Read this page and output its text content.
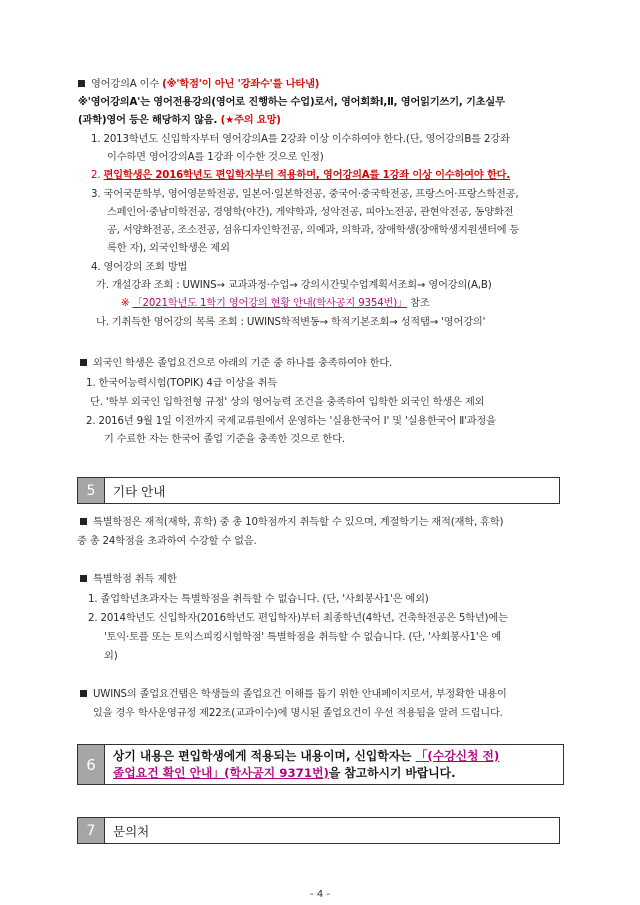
영어강의A 이수 (※'학점'이 아닌 '강좌수'를 나타냄)
※'영어강의A'는 영어전용강의(영어로 진행하는 수업)로서, 영어회화Ⅰ,Ⅱ, 영어읽기쓰기, 기초실무
(과학)영어 등은 해당하지 않음. (★주의 요망)
1. 2013학년도 신입학자부터 영어강의A를 2강좌 이상 이수하여야 한다.(단, 영어강의B를 2강좌
이수하면 영어강의A를 1강좌 이수한 것으로 인정)
2. 편입학생은 2016학년도 편입학자부터 적용하며, 영어강의A를 1강좌 이상 이수하여야 한다.
3. 국어국문학부, 영어영문학전공, 일본어·일본학전공, 중국어·중국학전공, 프랑스어·프랑스학전공,
스페인어·중남미학전공, 경영학(야간), 게약학과, 성악전공, 피아노전공, 관현악전공, 동양화전
공, 서양화전공, 조소전공, 섬유디자인학전공, 의예과, 의학과, 장애학생(장애학생지원센터에 등
록한 자), 외국인학생은 제외
4. 영어강의 조회 방법
가. 개설강좌 조회 : UWINS→ 교과과정·수업→ 강의시간및수업계획서조회→ 영어강의(A,B)
※ 「2021학년도 1학기 영어강의 현황 안내(학사공지 9354번)」 참조
나. 기취득한 영어강의 목록 조회 : UWINS학적변동→ 학적기본조회→ 성적탭→ '영어강의'
외국인 학생은 졸업요건으로 아래의 기준 중 하나를 충족하여야 한다.
1. 한국어능력시험(TOPIK) 4급 이상을 취득
단. '학부 외국인 입학전형 규정' 상의 영어능력 조건을 충족하여 입학한 외국인 학생은 제외
2. 2016년 9월 1일 이전까지 국제교류원에서 운영하는 '실용한국어 Ⅰ' 및 '실용한국어 Ⅱ'과정을
기 수료한 자는 한국어 졸업 기준을 충족한 것으로 한다.
5	기타 안내
특별학점은 재적(재학, 휴학) 중 총 10학점까지 취득할 수 있으며, 계절학기는 재적(재학, 휴학)
중 총 24학점을 초과하여 수강할 수 없음.
특별학점 취득 제한
1. 졸업학년초과자는 특별학점을 취득할 수 없습니다. (단, '사회봉사1'은 예외)
2. 2014학년도 신입학자(2016학년도 편입학자)부터 최종학년(4학년, 건축학전공은 5학년)에는
'토익·토플 또는 토익스피킹시험학점' 특별학점을 취득할 수 없습니다. (단, '사회봉사1'은 예
외)
UWINS의 졸업요건탭은 학생들의 졸업요건 이해를 돕기 위한 안내페이지로서, 부정확한 내용이
있을 경우 학사운영규정 제22조(교과이수)에 명시된 졸업요건이 우선 적용됨을 알려 드립니다.
6	상기 내용은 편입학생에게 적용되는 내용이며, 신입학자는 「(수강신청 전)
졸업요건 확인 안내」(학사공지 9371번)을 참고하시기 바랍니다.
7	문의처
- 4 -
